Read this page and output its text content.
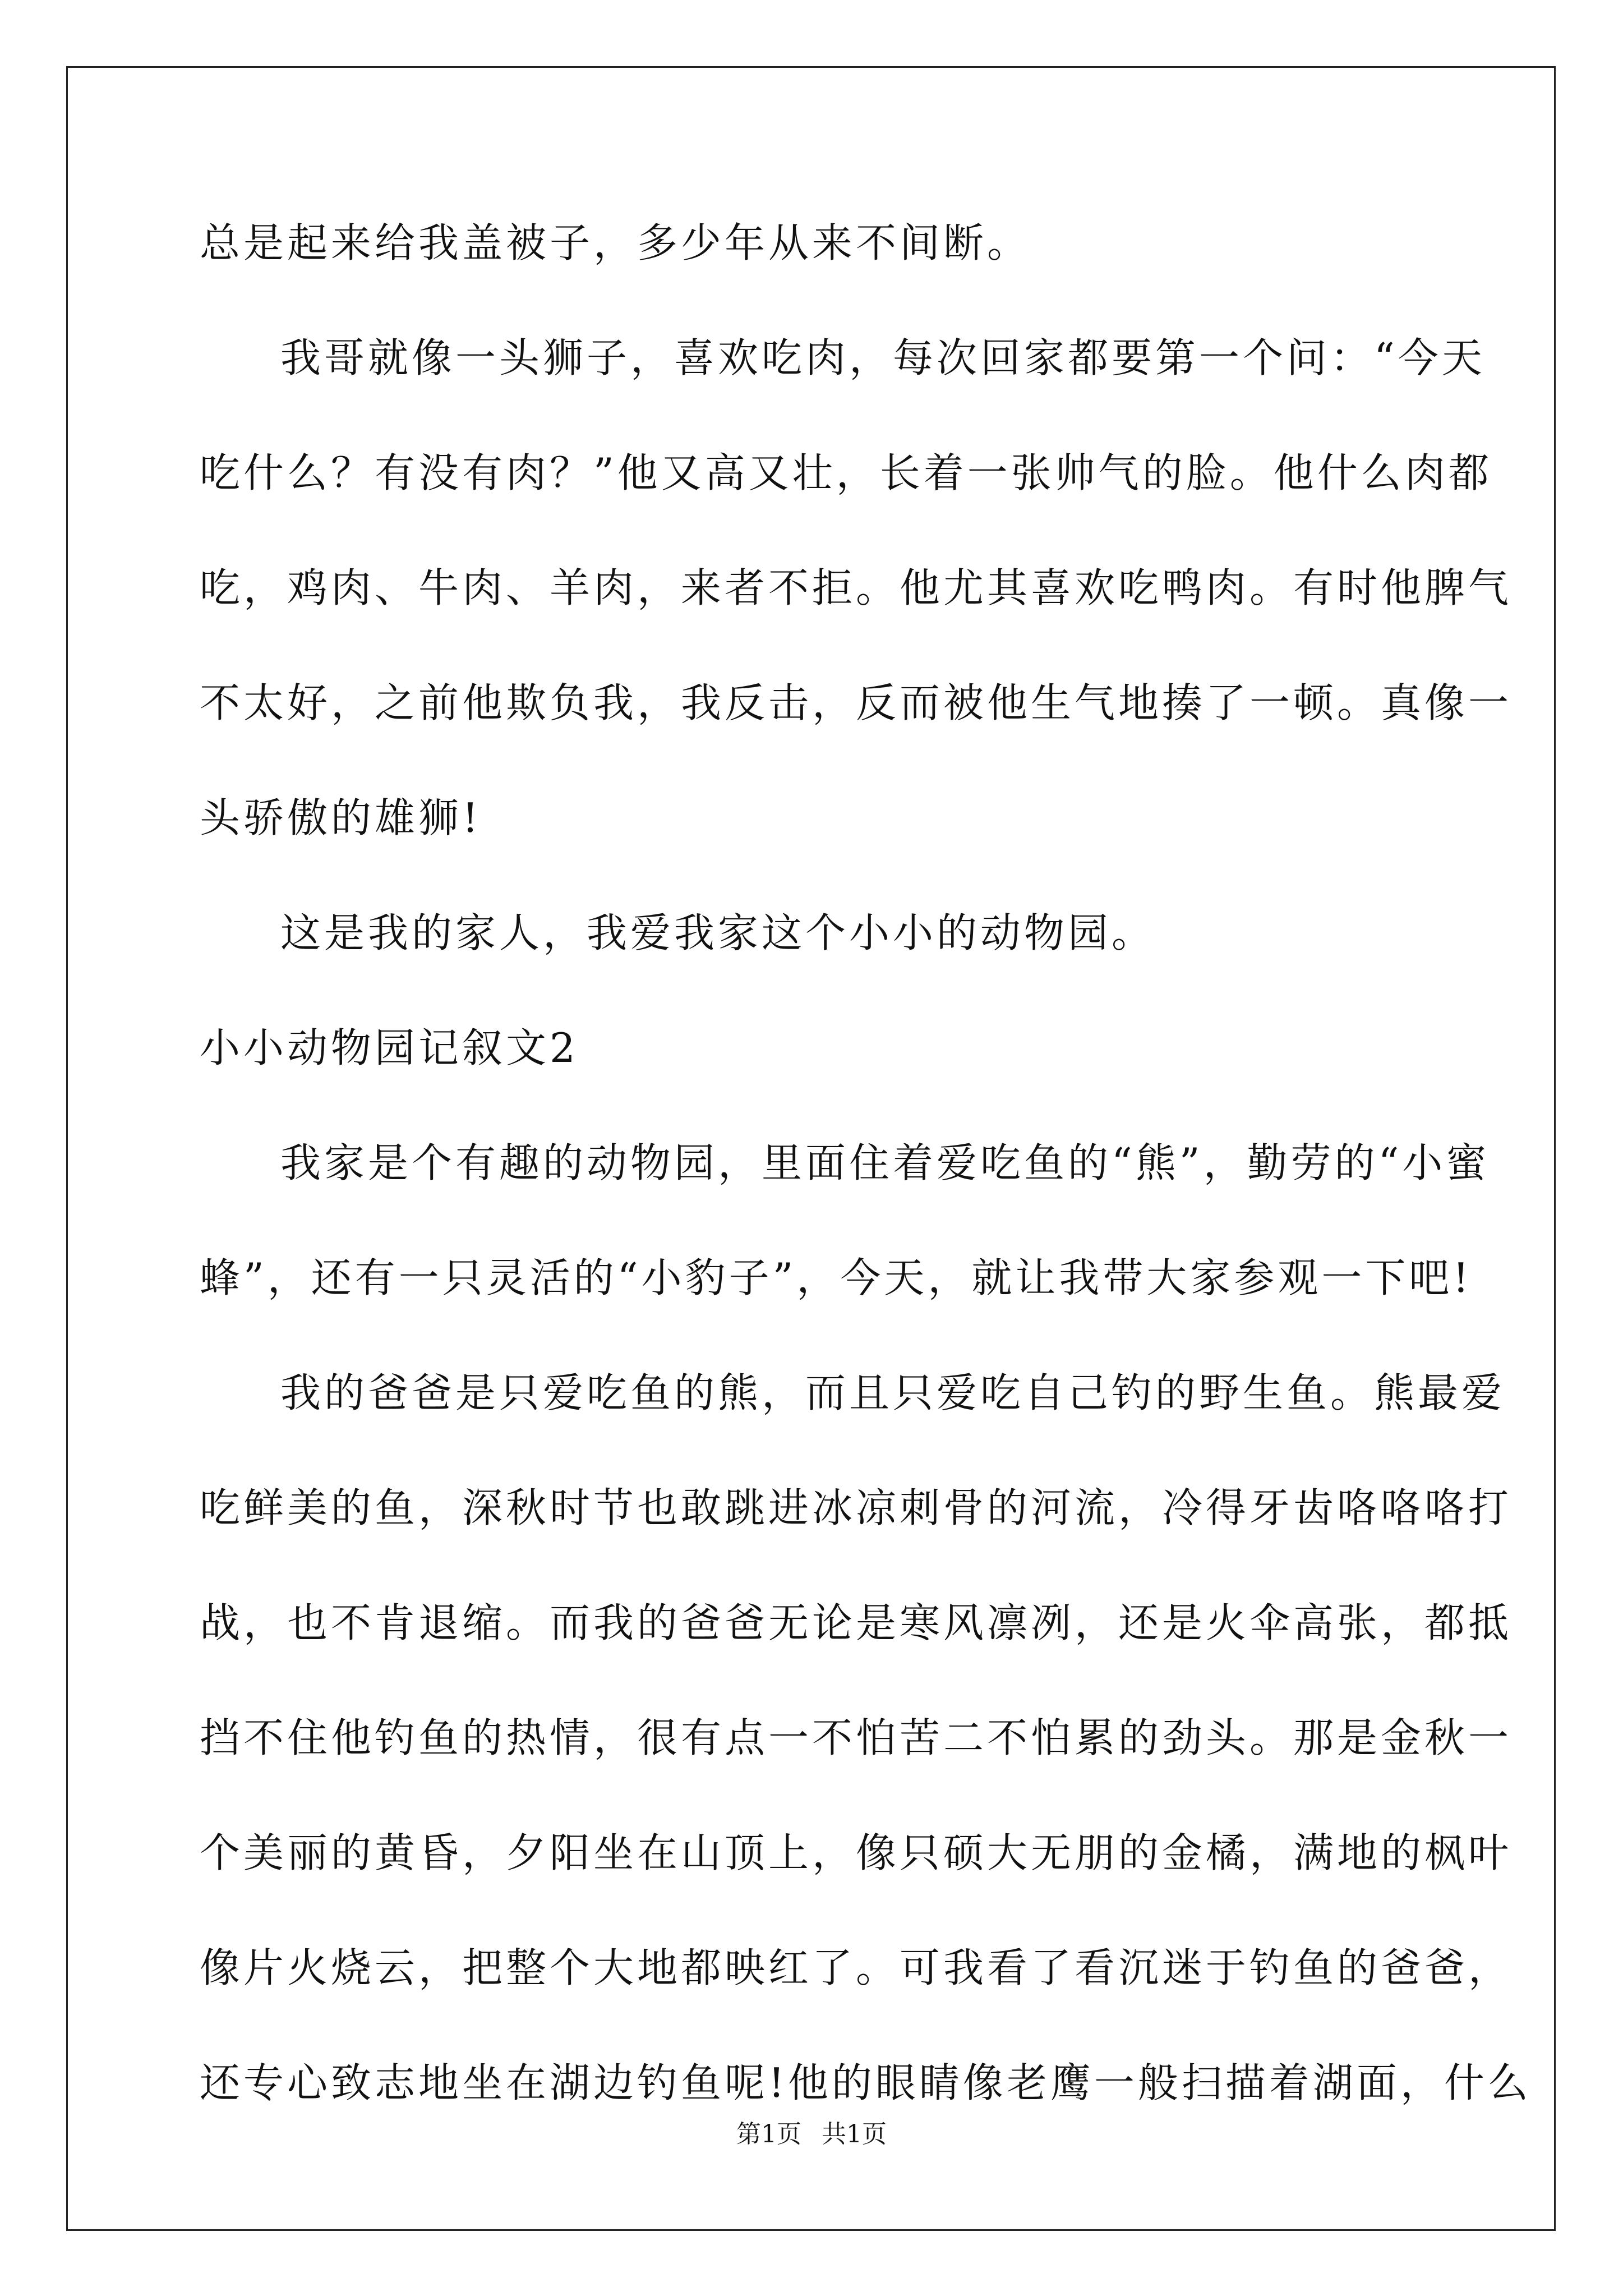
总是起来给我盖被子，多少年从来不间断。
我哥就像一头狮子，喜欢吃肉，每次回家都要第一个问：“今天
吃什么？有没有肉？”他又高又壮，长着一张帅气的脸。他什么肉都
吃，鸡肉、牛肉、羊肉，来者不拒。他尤其喜欢吃鸭肉。有时他脾气
不太好，之前他欺负我，我反击，反而被他生气地揍了一顿。真像一
头骄傲的雄狮!
这是我的家人，我爱我家这个小小的动物园。
小小动物园记叙文2
我家是个有趣的动物园，里面住着爱吃鱼的“熊”，勤劳的“小蜜
蜂”，还有一只灵活的“小豹子”，今天，就让我带大家参观一下吧!
我的爸爸是只爱吃鱼的熊，而且只爱吃自己钓的野生鱼。熊最爱
吃鲜美的鱼，深秋时节也敢跳进冰凉刺骨的河流，冷得牙齿咯咯咯打
战，也不肯退缩。而我的爸爸无论是寒风凛冽，还是火伞高张，都抵
挡不住他钓鱼的热情，很有点一不怕苦二不怕累的劲头。那是金秋一
个美丽的黄昏，夕阳坐在山顶上，像只硕大无朋的金橘，满地的枫叶
像片火烧云，把整个大地都映红了。可我看了看沉迷于钓鱼的爸爸，
还专心致志地坐在湖边钓鱼呢!他的眼睛像老鹰一般扫描着湖面，什么
第1页 共1页
